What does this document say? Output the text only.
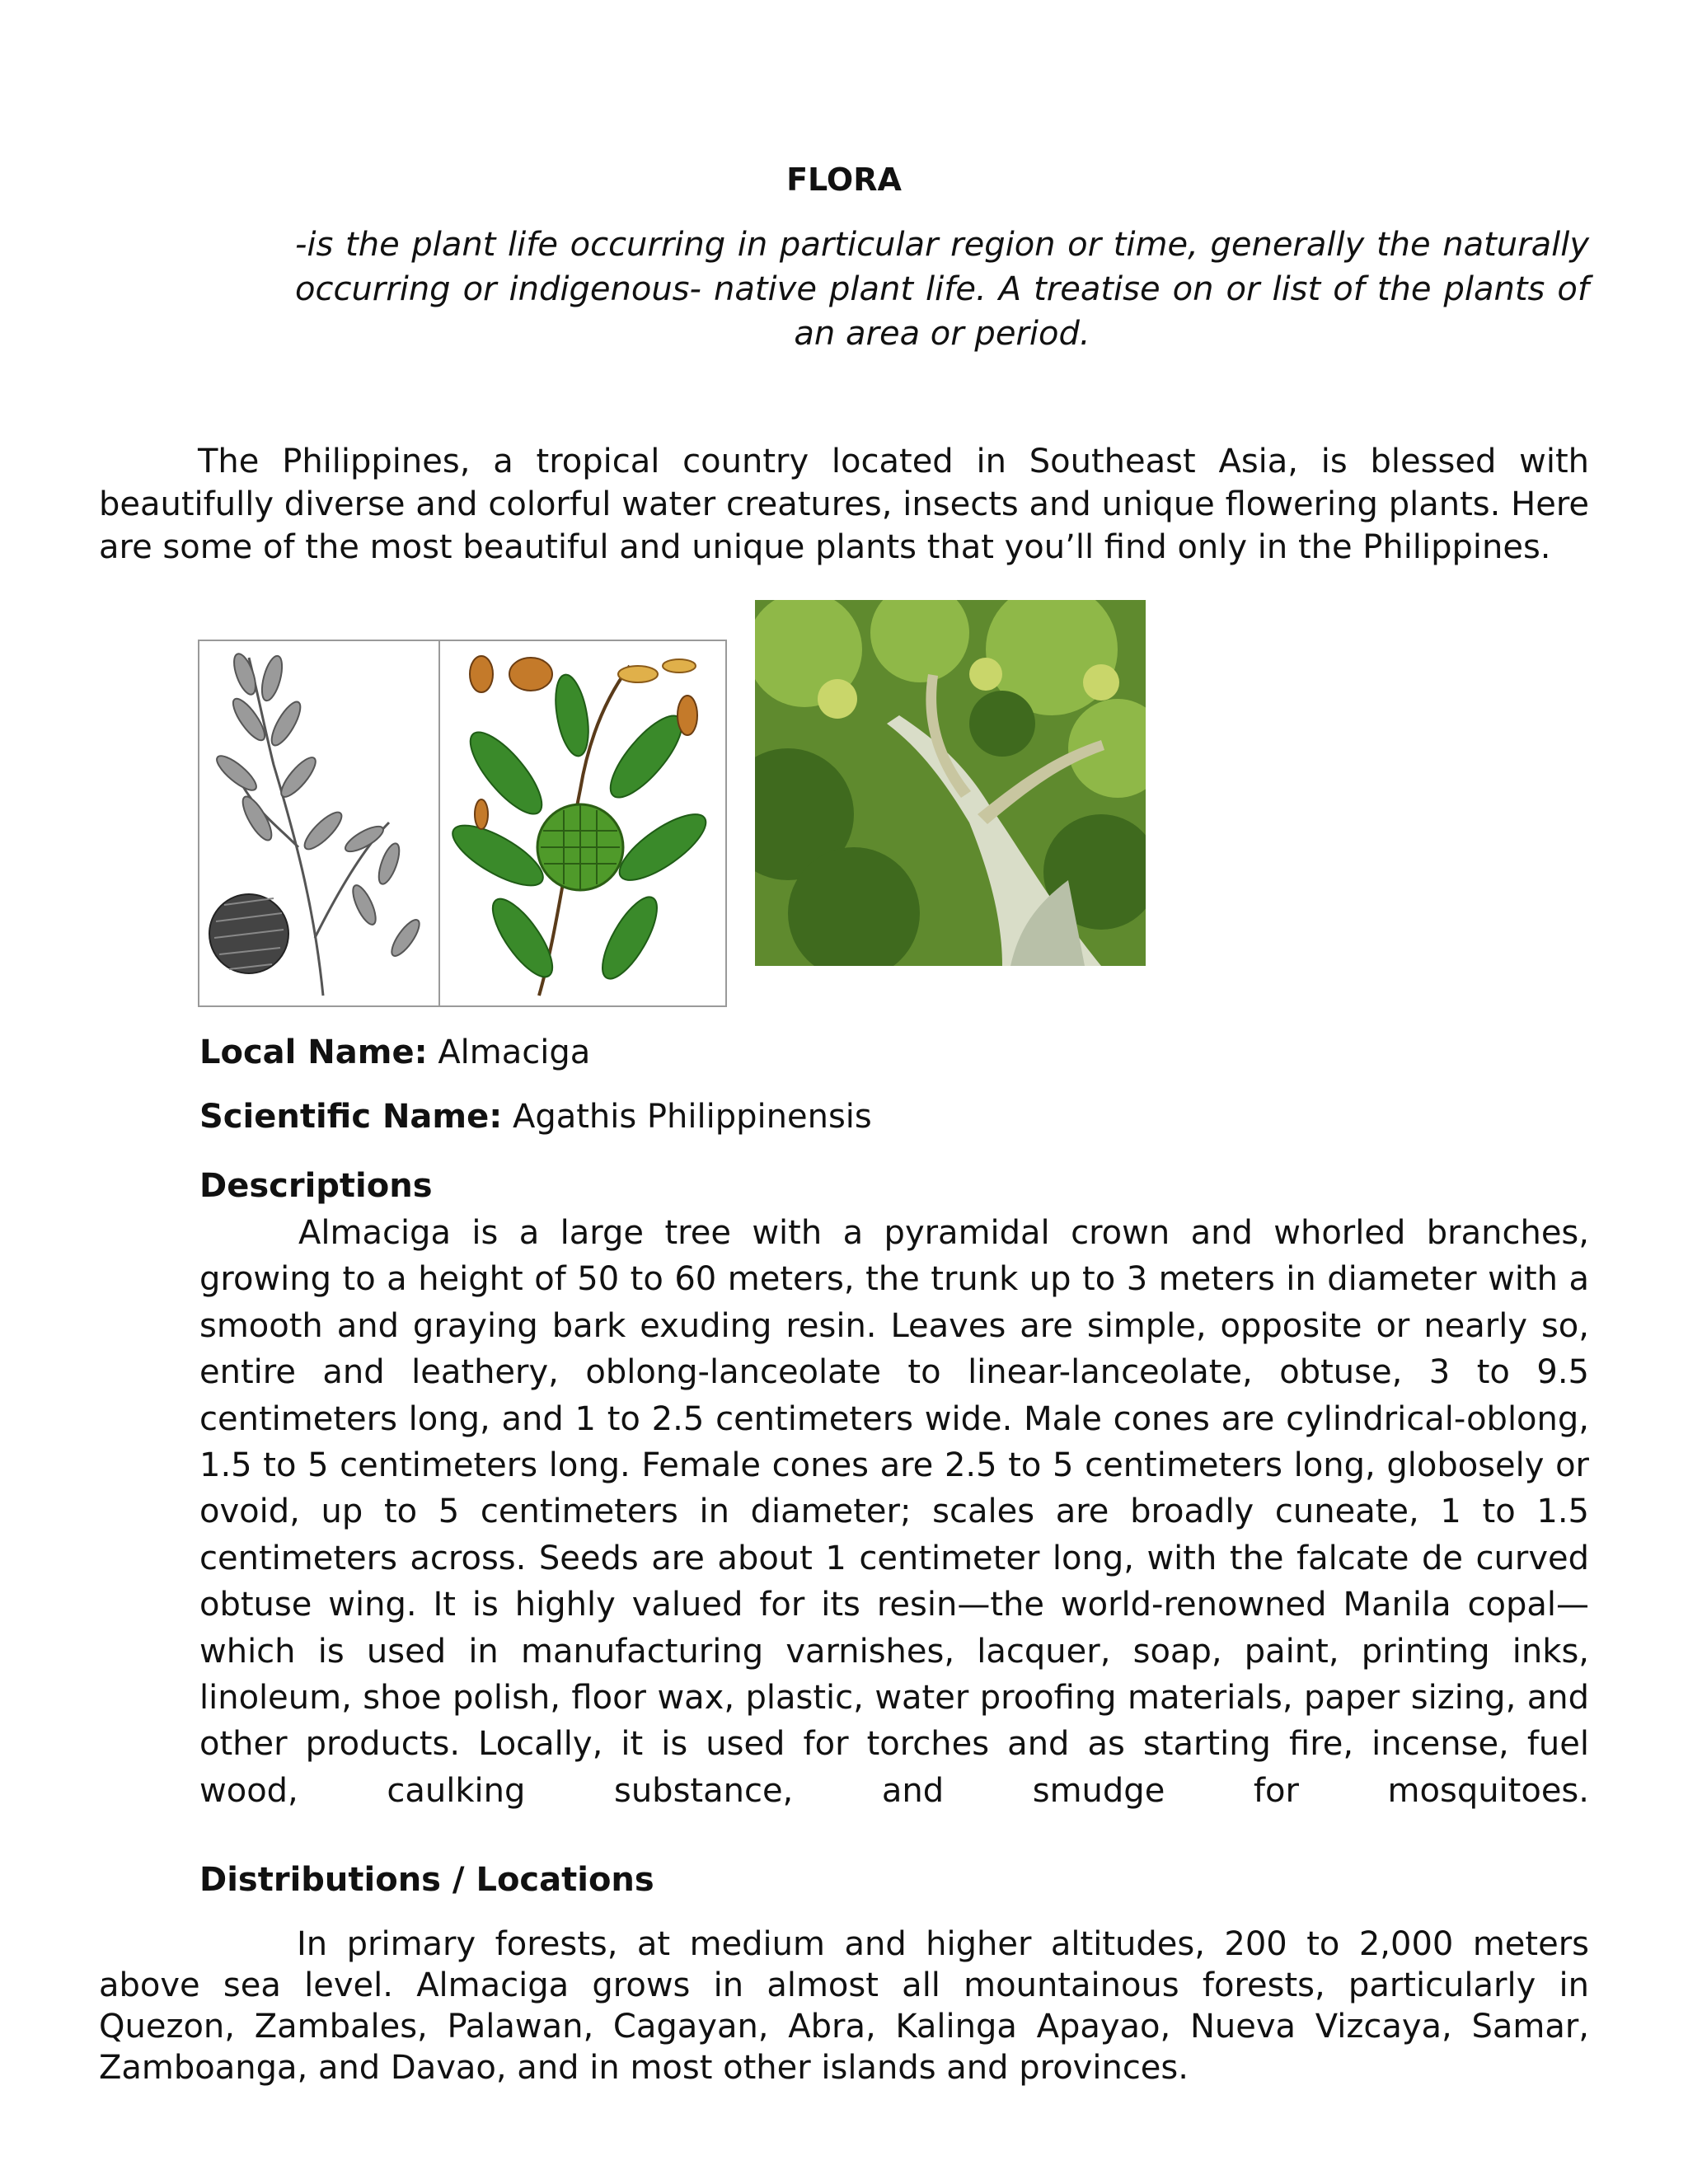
FLORA

-is the plant life occurring in particular region or time, generally the naturally occurring or indigenous- native plant life. A treatise on or list of the plants of an area or period.

The Philippines, a tropical country located in Southeast Asia, is blessed with beautifully diverse and colorful water creatures, insects and unique flowering plants. Here are some of the most beautiful and unique plants that you’ll find only in the Philippines.

Local Name: Almaciga

Scientific Name: Agathis Philippinensis

Descriptions

Almaciga is a large tree with a pyramidal crown and whorled branches, growing to a height of 50 to 60 meters, the trunk up to 3 meters in diameter with a smooth and graying bark exuding resin. Leaves are simple, opposite or nearly so, entire and leathery, oblong-lanceolate to linear-lanceolate, obtuse, 3 to 9.5 centimeters long, and 1 to 2.5 centimeters wide. Male cones are cylindrical-oblong, 1.5 to 5 centimeters long. Female cones are 2.5 to 5 centimeters long, globosely or ovoid, up to 5 centimeters in diameter; scales are broadly cuneate, 1 to 1.5 centimeters across. Seeds are about 1 centimeter long, with the falcate de curved obtuse wing. It is highly valued for its resin—the world-renowned Manila copal—which is used in manufacturing varnishes, lacquer, soap, paint, printing inks, linoleum, shoe polish, floor wax, plastic, water proofing materials, paper sizing, and other products. Locally, it is used for torches and as starting fire, incense, fuel wood, caulking substance, and smudge for mosquitoes.

Distributions / Locations

In primary forests, at medium and higher altitudes, 200 to 2,000 meters above sea level. Almaciga grows in almost all mountainous forests, particularly in Quezon, Zambales, Palawan, Cagayan, Abra, Kalinga Apayao, Nueva Vizcaya, Samar, Zamboanga, and Davao, and in most other islands and provinces.
